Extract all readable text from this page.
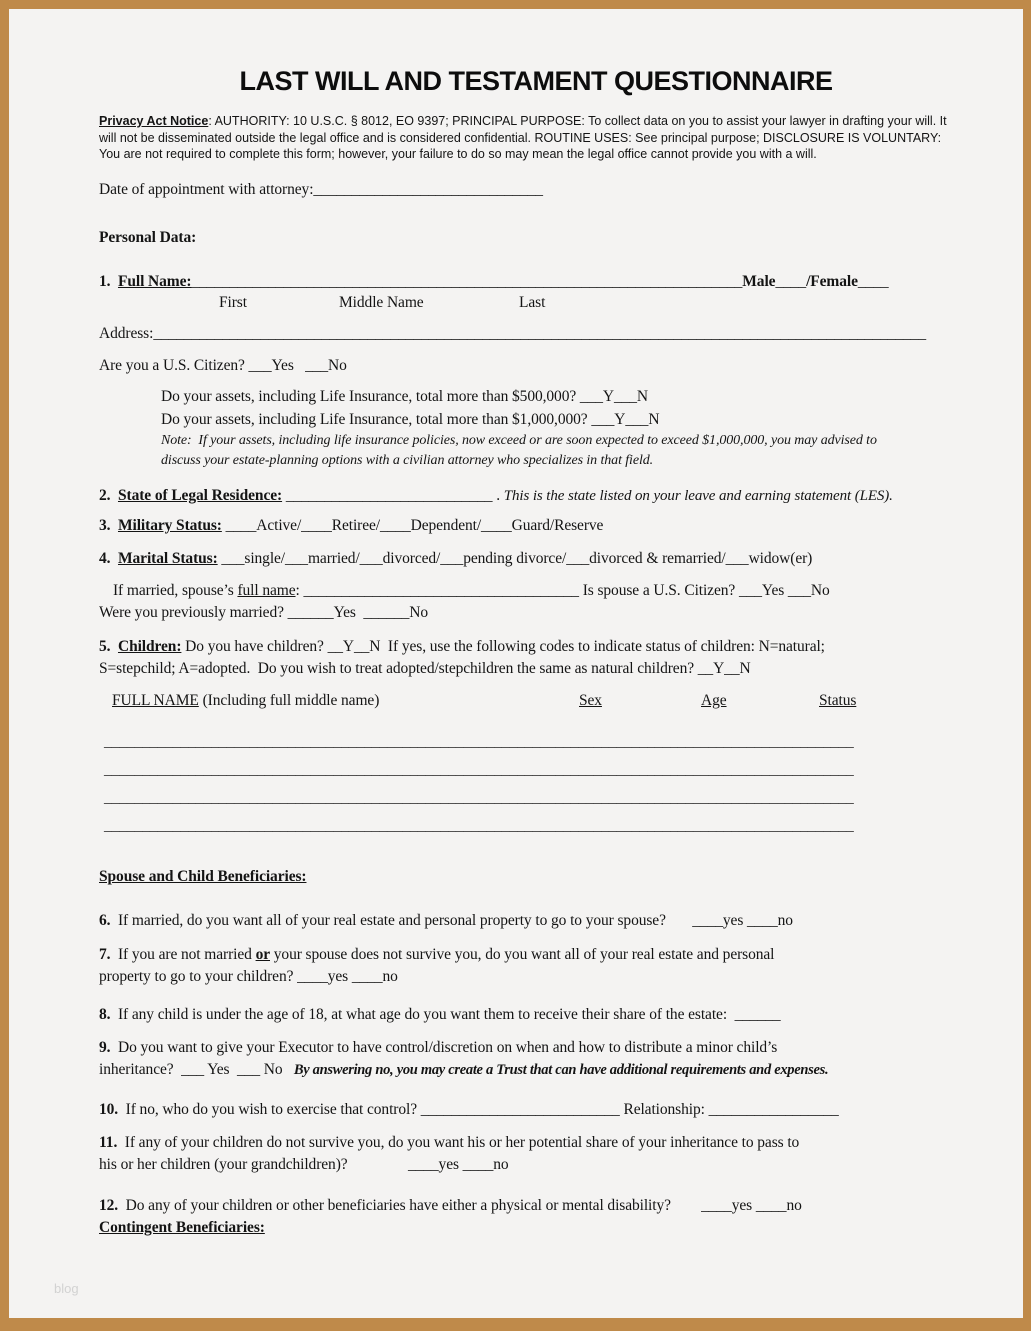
LAST WILL AND TESTAMENT QUESTIONNAIRE
Privacy Act Notice: AUTHORITY: 10 U.S.C. § 8012, EO 9397; PRINCIPAL PURPOSE: To collect data on you to assist your lawyer in drafting your will. It will not be disseminated outside the legal office and is considered confidential. ROUTINE USES: See principal purpose; DISCLOSURE IS VOLUNTARY: You are not required to complete this form; however, your failure to do so may mean the legal office cannot provide you with a will.
Date of appointment with attorney:______________________________
Personal Data:
1.  Full Name:________________________________________________________________________Male____/Female____
First	Middle Name	Last
Address:_____________________________________________________________________________________________________
Are you a U.S. Citizen? ___Yes   ___No
Do your assets, including Life Insurance, total more than $500,000? ___Y___N
Do your assets, including Life Insurance, total more than $1,000,000? ___Y___N
Note:  If your assets, including life insurance policies, now exceed or are soon expected to exceed $1,000,000, you may advised to
discuss your estate-planning options with a civilian attorney who specializes in that field.
2.  State of Legal Residence: ___________________________ . This is the state listed on your leave and earning statement (LES).
3.  Military Status: ____Active/____Retiree/____Dependent/____Guard/Reserve
4.  Marital Status: ___single/___married/___divorced/___pending divorce/___divorced & remarried/___widow(er)
If married, spouse’s full name: ____________________________________ Is spouse a U.S. Citizen? ___Yes ___No
Were you previously married? ______Yes  ______No
5.  Children: Do you have children? __Y__N  If yes, use the following codes to indicate status of children: N=natural;
S=stepchild; A=adopted.  Do you wish to treat adopted/stepchildren the same as natural children? __Y__N
FULL NAME (Including full middle name)	Sex	Age	Status
__________________________________________________________________________________________________
__________________________________________________________________________________________________
__________________________________________________________________________________________________
__________________________________________________________________________________________________
Spouse and Child Beneficiaries:
6.  If married, do you want all of your real estate and personal property to go to your spouse?       ____yes ____no
7.  If you are not married or your spouse does not survive you, do you want all of your real estate and personal
property to go to your children? ____yes ____no
8.  If any child is under the age of 18, at what age do you want them to receive their share of the estate:  ______
9.  Do you want to give your Executor to have control/discretion on when and how to distribute a minor child’s
inheritance?  ___ Yes  ___ No   By answering no, you may create a Trust that can have additional requirements and expenses.
10.  If no, who do you wish to exercise that control? __________________________ Relationship: _________________
11.  If any of your children do not survive you, do you want his or her potential share of your inheritance to pass to
his or her children (your grandchildren)?                ____yes ____no
12.  Do any of your children or other beneficiaries have either a physical or mental disability?        ____yes ____no
Contingent Beneficiaries:
blog
